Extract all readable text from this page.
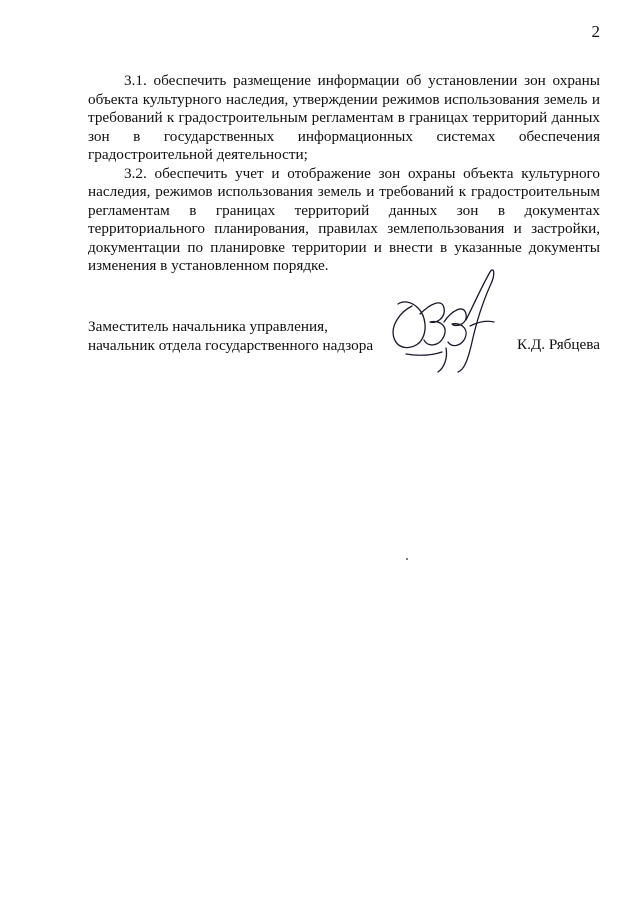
2

3.1. обеспечить размещение информации об установлении зон охраны объекта культурного наследия, утверждении режимов использования земель и требований к градостроительным регламентам в границах территорий данных зон в государственных информационных системах обеспечения градостроительной деятельности;

3.2. обеспечить учет и отображение зон охраны объекта культурного наследия, режимов использования земель и требований к градостроительным регламентам в границах территорий данных зон в документах территориального планирования, правилах землепользования и застройки, документации по планировке территории и внести в указанные документы изменения в установленном порядке.

Заместитель начальника управления,
начальник отдела государственного надзора	К.Д. Рябцева
